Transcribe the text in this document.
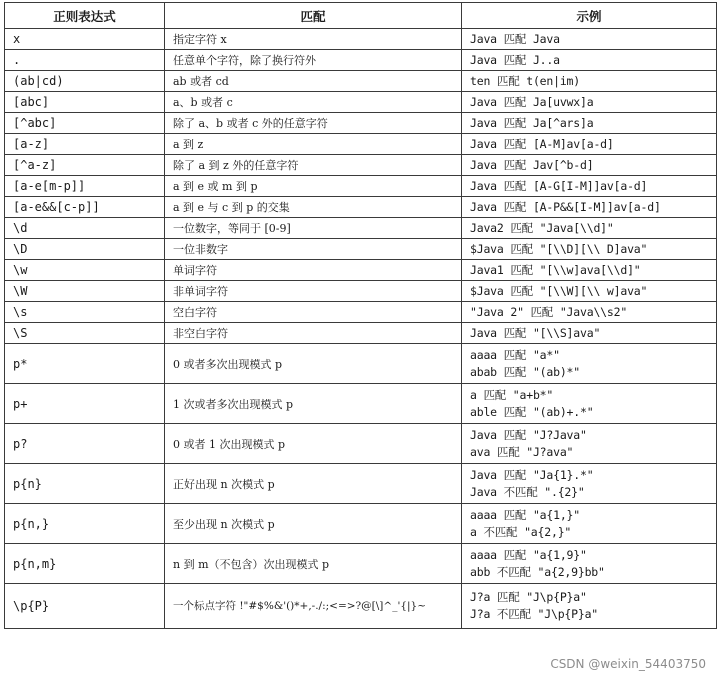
正则表达式	匹配	示例
x	指定字符 x	Java 匹配 Java

.	任意单个字符，除了换行符外	Java 匹配 J..a

(ab|cd)	ab 或者 cd	ten 匹配 t(en|im)

[abc]	a、b 或者 c	Java 匹配 Ja[uvwx]a

[^abc]	除了 a、b 或者 c 外的任意字符	Java 匹配 Ja[^ars]a

[a-z]	a 到 z	Java 匹配 [A-M]av[a-d]

[^a-z]	除了 a 到 z 外的任意字符	Java 匹配 Jav[^b-d]

[a-e[m-p]]	a 到 e 或 m 到 p	Java 匹配 [A-G[I-M]]av[a-d]

[a-e&&[c-p]]	a 到 e 与 c 到 p 的交集	Java 匹配 [A-P&&[I-M]]av[a-d]

\d	一位数字，等同于 [0-9]	Java2 匹配 "Java[\\d]"

\D	一位非数字	$Java 匹配 "[\\D][\\ D]ava"

\w	单词字符	Java1 匹配 "[\\w]ava[\\d]"

\W	非单词字符	$Java 匹配 "[\\W][\\ w]ava"

\s	空白字符	"Java 2" 匹配 "Java\\s2"

\S	非空白字符	Java 匹配 "[\\S]ava"

p*	0 或者多次出现模式 p	aaaa 匹配 "a*"
abab 匹配 "(ab)*"

p+	1 次或者多次出现模式 p	a 匹配 "a+b*"
able 匹配 "(ab)+.*"

p?	0 或者 1 次出现模式 p	Java 匹配 "J?Java"
ava 匹配 "J?ava"

p{n}	正好出现 n 次模式 p	Java 匹配 "Ja{1}.*"
Java 不匹配 ".{2}"

p{n,}	至少出现 n 次模式 p	aaaa 匹配 "a{1,}"
a 不匹配 "a{2,}"

p{n,m}	n 到 m（不包含）次出现模式 p	aaaa 匹配 "a{1,9}"
abb 不匹配 "a{2,9}bb"

\p{P}	一个标点字符 !"#$%&'()*+,-./:;<=>?@[\]^_'{|}~	J?a 匹配 "J\p{P}a"
J?a 不匹配 "J\p{P}a"
CSDN @weixin_54403750
